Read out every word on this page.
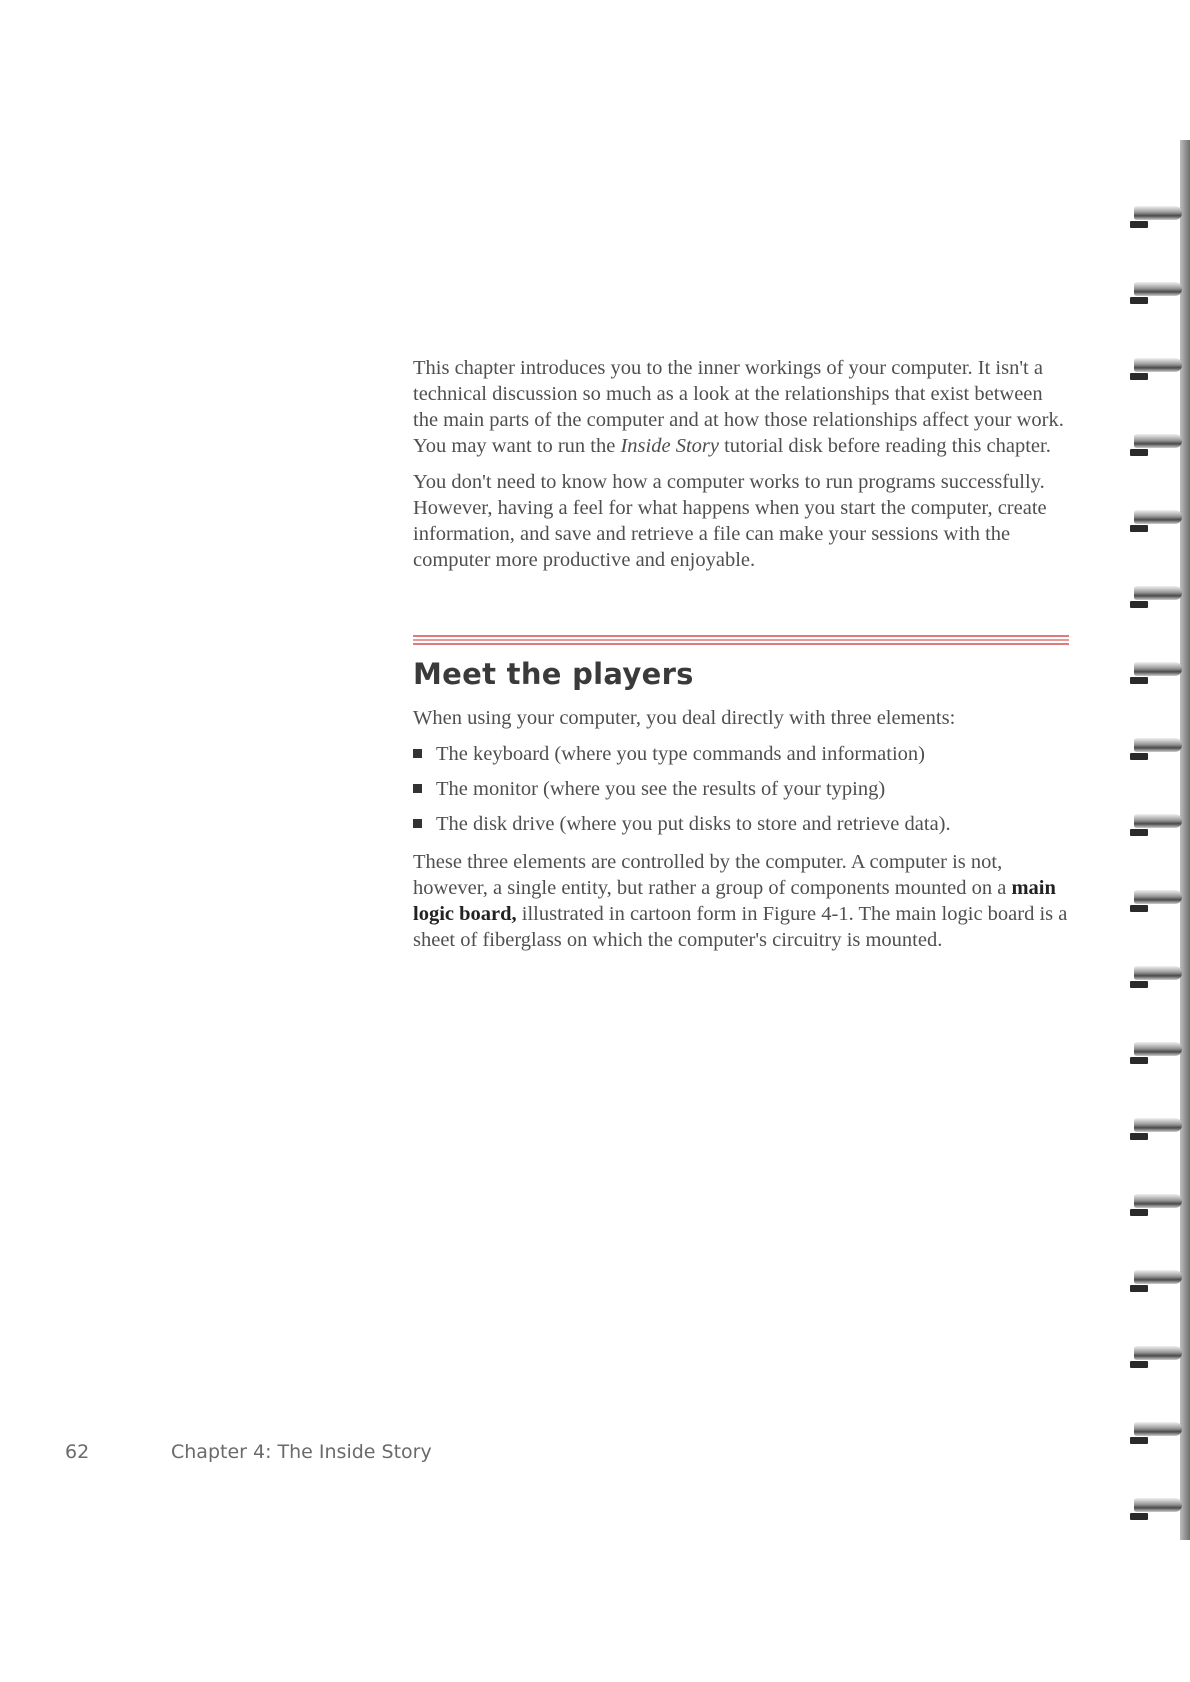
This chapter introduces you to the inner workings of your computer. It isn't a technical discussion so much as a look at the relationships that exist between the main parts of the computer and at how those relationships affect your work. You may want to run the Inside Story tutorial disk before reading this chapter.

You don't need to know how a computer works to run programs successfully. However, having a feel for what happens when you start the computer, create information, and save and retrieve a file can make your sessions with the computer more productive and enjoyable.

Meet the players

When using your computer, you deal directly with three elements:

The keyboard (where you type commands and information)
The monitor (where you see the results of your typing)
The disk drive (where you put disks to store and retrieve data).

These three elements are controlled by the computer. A computer is not, however, a single entity, but rather a group of components mounted on a main logic board, illustrated in cartoon form in Figure 4-1. The main logic board is a sheet of fiberglass on which the computer's circuitry is mounted.

62	Chapter 4: The Inside Story
